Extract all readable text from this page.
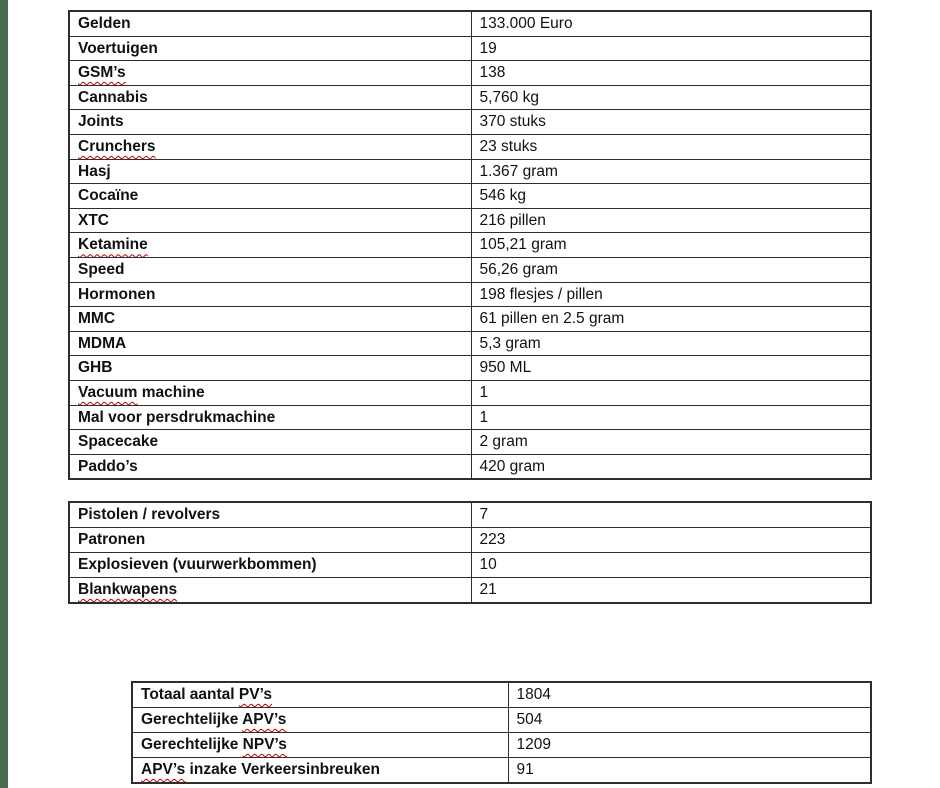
Gelden	133.000 Euro
Voertuigen	19
GSM’s	138
Cannabis	5,760 kg
Joints	370 stuks
Crunchers	23 stuks
Hasj	1.367 gram
Cocaïne	546 kg
XTC	216 pillen
Ketamine	105,21 gram
Speed	56,26 gram
Hormonen	198 flesjes / pillen
MMC	61 pillen en 2.5 gram
MDMA	5,3 gram
GHB	950 ML
Vacuum machine	1
Mal voor persdrukmachine	1
Spacecake	2 gram
Paddo’s	420 gram
Pistolen / revolvers	7
Patronen	223
Explosieven (vuurwerkbommen)	10
Blankwapens	21
Totaal aantal PV’s	1804
Gerechtelijke APV’s	504
Gerechtelijke NPV’s	1209
APV’s inzake Verkeersinbreuken	91
